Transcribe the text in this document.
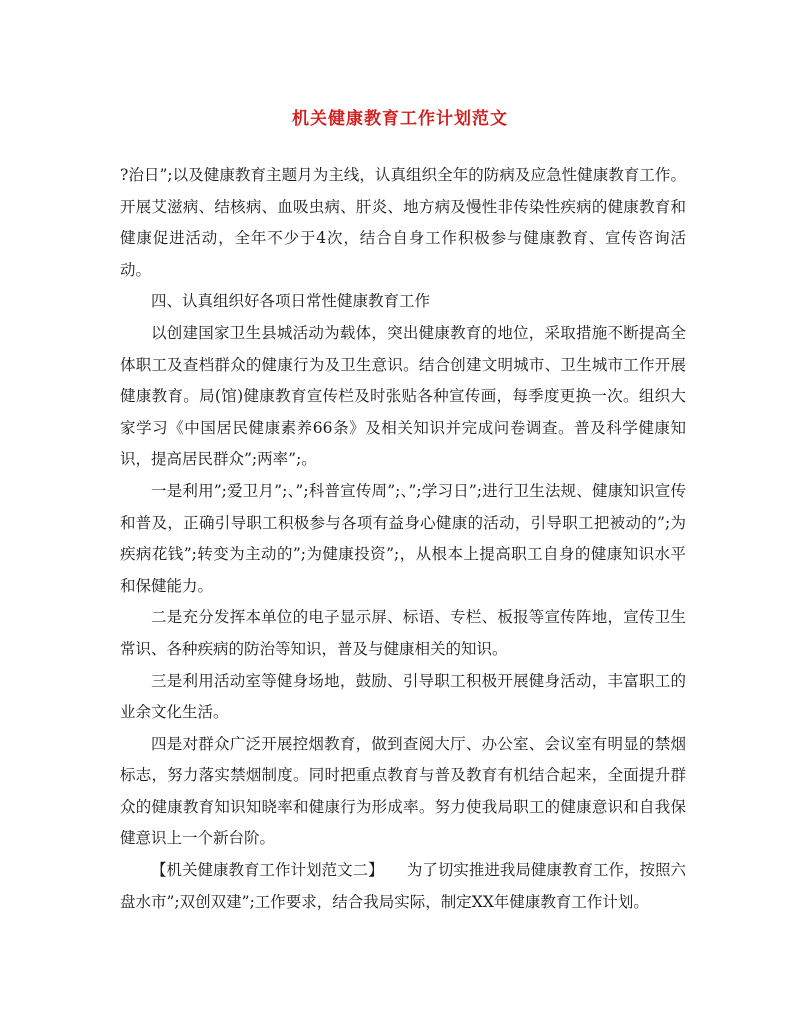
机关健康教育工作计划范文

?治日”;以及健康教育主题月为主线，认真组织全年的防病及应急性健康教育工作。开展艾滋病、结核病、血吸虫病、肝炎、地方病及慢性非传染性疾病的健康教育和健康促进活动，全年不少于4次，结合自身工作积极参与健康教育、宣传咨询活动。

四、认真组织好各项日常性健康教育工作

以创建国家卫生县城活动为载体，突出健康教育的地位，采取措施不断提高全体职工及查档群众的健康行为及卫生意识。结合创建文明城市、卫生城市工作开展健康教育。局(馆)健康教育宣传栏及时张贴各种宣传画，每季度更换一次。组织大家学习《中国居民健康素养66条》及相关知识并完成问卷调查。普及科学健康知识，提高居民群众”;两率”;。

一是利用”;爱卫月”;、”;科普宣传周”;、”;学习日”;进行卫生法规、健康知识宣传和普及，正确引导职工积极参与各项有益身心健康的活动，引导职工把被动的”;为疾病花钱”;转变为主动的”;为健康投资”;，从根本上提高职工自身的健康知识水平和保健能力。

二是充分发挥本单位的电子显示屏、标语、专栏、板报等宣传阵地，宣传卫生常识、各种疾病的防治等知识，普及与健康相关的知识。

三是利用活动室等健身场地，鼓励、引导职工积极开展健身活动，丰富职工的业余文化生活。

四是对群众广泛开展控烟教育，做到查阅大厅、办公室、会议室有明显的禁烟标志，努力落实禁烟制度。同时把重点教育与普及教育有机结合起来，全面提升群众的健康教育知识知晓率和健康行为形成率。努力使我局职工的健康意识和自我保健意识上一个新台阶。

【机关健康教育工作计划范文二】　　为了切实推进我局健康教育工作，按照六盘水市”;双创双建”;工作要求，结合我局实际，制定XX年健康教育工作计划。
